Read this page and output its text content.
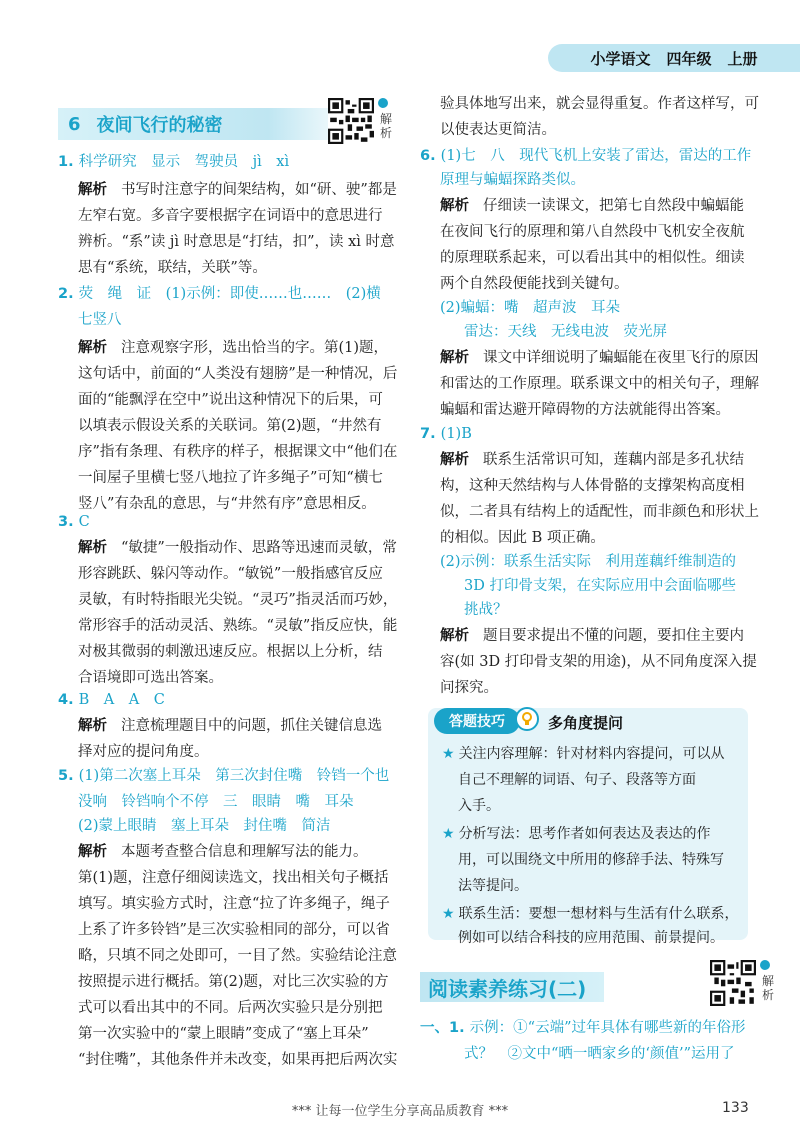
小学语文 四年级 上册
6 夜间飞行的秘密	解析
1. 科学研究　显示　驾驶员　jì　xì
解析 书写时注意字的间架结构，如“研、驶”都是
左窄右宽。多音字要根据字在词语中的意思进行
辨析。“系”读 jì 时意思是“打结，扣”，读 xì 时意
思有“系统，联结，关联”等。
2. 荧　绳　证　(1)示例：即使……也……　(2)横
七竖八
解析 注意观察字形，选出恰当的字。第(1)题，
这句话中，前面的“人类没有翅膀”是一种情况，后
面的“能飘浮在空中”说出这种情况下的后果，可
以填表示假设关系的关联词。第(2)题，“井然有
序”指有条理、有秩序的样子，根据课文中“他们在
一间屋子里横七竖八地拉了许多绳子”可知“横七
竖八”有杂乱的意思，与“井然有序”意思相反。
3. C
解析 “敏捷”一般指动作、思路等迅速而灵敏，常
形容跳跃、躲闪等动作。“敏锐”一般指感官反应
灵敏，有时特指眼光尖锐。“灵巧”指灵活而巧妙，
常形容手的活动灵活、熟练。“灵敏”指反应快，能
对极其微弱的刺激迅速反应。根据以上分析，结
合语境即可选出答案。
4. B　A　A　C
解析 注意梳理题目中的问题，抓住关键信息选
择对应的提问角度。
5. (1)第二次塞上耳朵　第三次封住嘴　铃铛一个也
没响　铃铛响个不停　三　眼睛　嘴　耳朵
(2)蒙上眼睛　塞上耳朵　封住嘴　简洁
解析 本题考查整合信息和理解写法的能力。
第(1)题，注意仔细阅读选文，找出相关句子概括
填写。填实验方式时，注意“拉了许多绳子，绳子
上系了许多铃铛”是三次实验相同的部分，可以省
略，只填不同之处即可，一目了然。实验结论注意
按照提示进行概括。第(2)题，对比三次实验的方
式可以看出其中的不同。后两次实验只是分别把
第一次实验中的“蒙上眼睛”变成了“塞上耳朵”
“封住嘴”，其他条件并未改变，如果再把后两次实
验具体地写出来，就会显得重复。作者这样写，可
以使表达更简洁。
6. (1)七　八　现代飞机上安装了雷达，雷达的工作
原理与蝙蝠探路类似。
解析 仔细读一读课文，把第七自然段中蝙蝠能
在夜间飞行的原理和第八自然段中飞机安全夜航
的原理联系起来，可以看出其中的相似性。细读
两个自然段便能找到关键句。
(2)蝙蝠：嘴　超声波　耳朵
雷达：天线　无线电波　荧光屏
解析 课文中详细说明了蝙蝠能在夜里飞行的原因
和雷达的工作原理。联系课文中的相关句子，理解
蝙蝠和雷达避开障碍物的方法就能得出答案。
7. (1)B
解析 联系生活常识可知，莲藕内部是多孔状结
构，这种天然结构与人体骨骼的支撑架构高度相
似，二者具有结构上的适配性，而非颜色和形状上
的相似。因此 B 项正确。
(2)示例：联系生活实际　利用莲藕纤维制造的
3D 打印骨支架，在实际应用中会面临哪些
挑战？
解析 题目要求提出不懂的问题，要扣住主要内
容(如 3D 打印骨支架的用途)，从不同角度深入提
问探究。
答题技巧	多角度提问
★ 关注内容理解：针对材料内容提问，可以从
自己不理解的词语、句子、段落等方面
入手。
★ 分析写法：思考作者如何表达及表达的作
用，可以围绕文中所用的修辞手法、特殊写
法等提问。
★ 联系生活：要想一想材料与生活有什么联系，
例如可以结合科技的应用范围、前景提问。
阅读素养练习(二)	解析
一、1. 示例：①“云端”过年具体有哪些新的年俗形
式？　②文中“晒一晒家乡的‘颜值’”运用了
*** 让每一位学生分享高品质教育 ***	133
